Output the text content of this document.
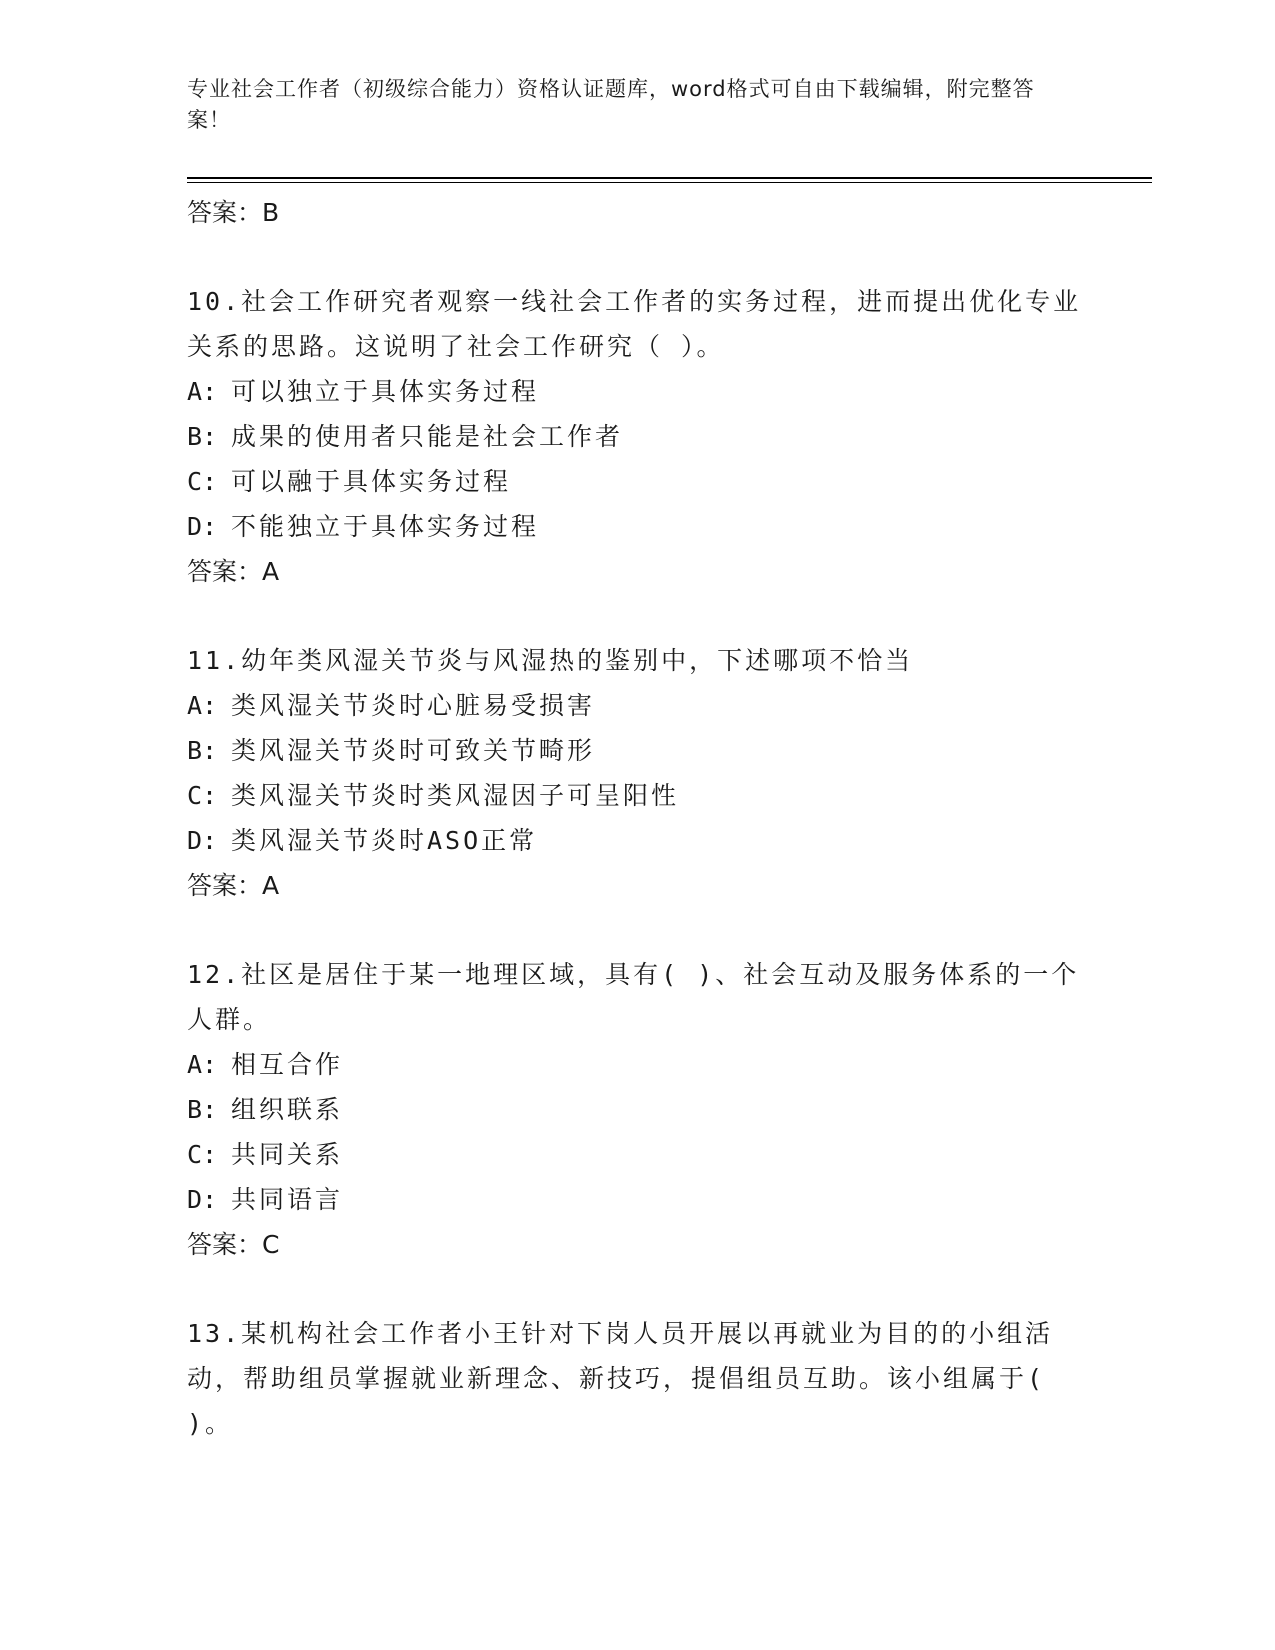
专业社会工作者（初级综合能力）资格认证题库，word格式可自由下载编辑，附完整答案！
答案：B
10.社会工作研究者观察一线社会工作者的实务过程，进而提出优化专业关系的思路。这说明了社会工作研究（ ）。
A: 可以独立于具体实务过程
B: 成果的使用者只能是社会工作者
C: 可以融于具体实务过程
D: 不能独立于具体实务过程
答案：A
11.幼年类风湿关节炎与风湿热的鉴别中，下述哪项不恰当
A: 类风湿关节炎时心脏易受损害
B: 类风湿关节炎时可致关节畸形
C: 类风湿关节炎时类风湿因子可呈阳性
D: 类风湿关节炎时ASO正常
答案：A
12.社区是居住于某一地理区域，具有( )、社会互动及服务体系的一个人群。
A: 相互合作
B: 组织联系
C: 共同关系
D: 共同语言
答案：C
13.某机构社会工作者小王针对下岗人员开展以再就业为目的的小组活动，帮助组员掌握就业新理念、新技巧，提倡组员互助。该小组属于( )。
